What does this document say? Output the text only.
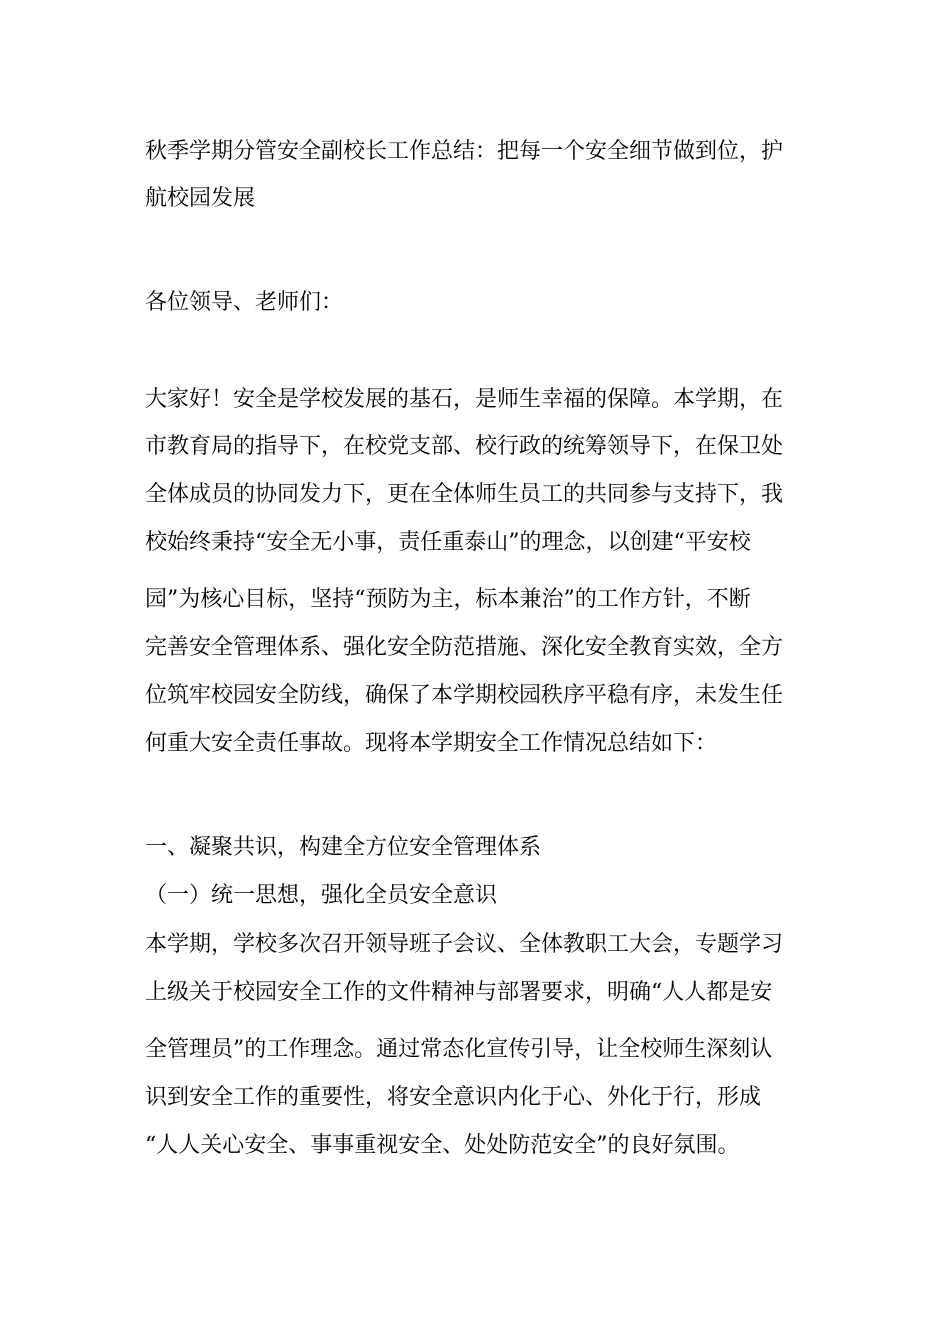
秋季学期分管安全副校长工作总结：把每一个安全细节做到位，护
航校园发展
各位领导、老师们：
大家好！安全是学校发展的基石，是师生幸福的保障。本学期，在
市教育局的指导下，在校党支部、校行政的统筹领导下，在保卫处
全体成员的协同发力下，更在全体师生员工的共同参与支持下，我
校始终秉持“安全无小事，责任重泰山”的理念，以创建“平安校
园”为核心目标，坚持“预防为主，标本兼治”的工作方针，不断
完善安全管理体系、强化安全防范措施、深化安全教育实效，全方
位筑牢校园安全防线，确保了本学期校园秩序平稳有序，未发生任
何重大安全责任事故。现将本学期安全工作情况总结如下：
一、凝聚共识，构建全方位安全管理体系
（一）统一思想，强化全员安全意识
本学期，学校多次召开领导班子会议、全体教职工大会，专题学习
上级关于校园安全工作的文件精神与部署要求，明确“人人都是安
全管理员”的工作理念。通过常态化宣传引导，让全校师生深刻认
识到安全工作的重要性，将安全意识内化于心、外化于行，形成
“人人关心安全、事事重视安全、处处防范安全”的良好氛围。
